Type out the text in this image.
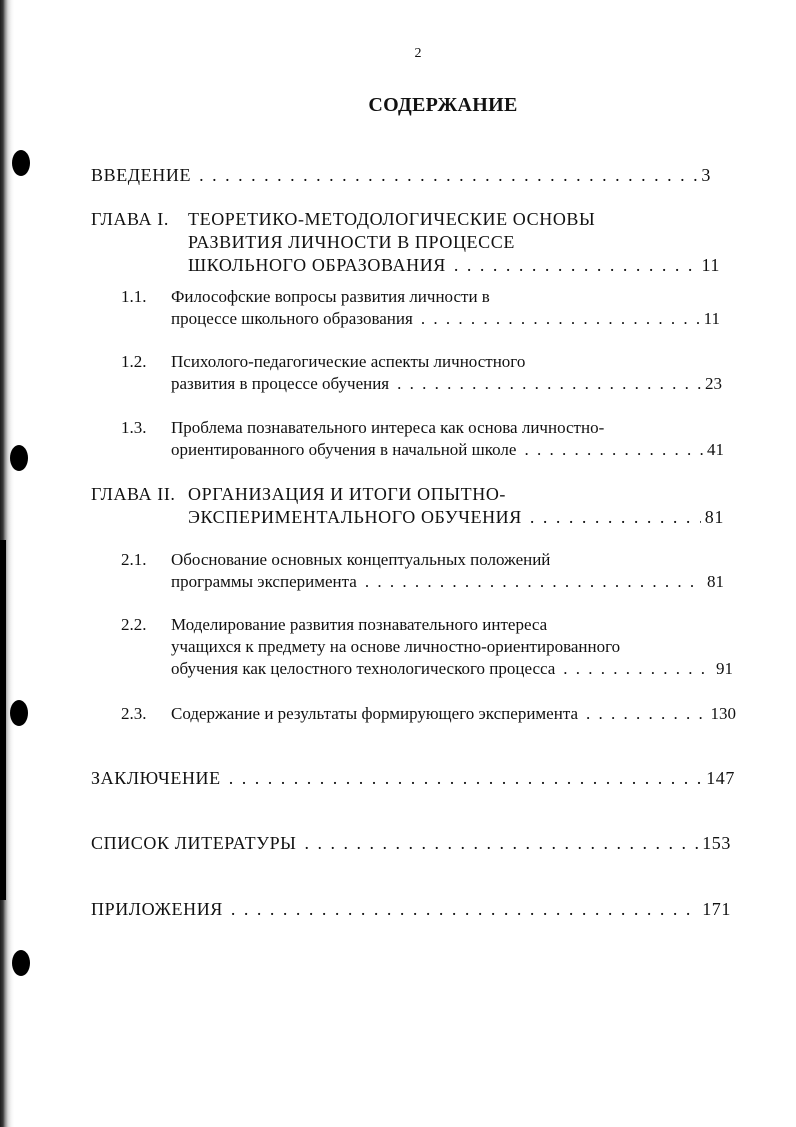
2
СОДЕРЖАНИЕ
ВВЕДЕНИЕ . . .	3
ГЛАВА I. ТЕОРЕТИКО-МЕТОДОЛОГИЧЕСКИЕ ОСНОВЫ
РАЗВИТИЯ ЛИЧНОСТИ В ПРОЦЕССЕ
ШКОЛЬНОГО ОБРАЗОВАНИЯ . . .	11
1.1. Философские вопросы развития личности в
процессе школьного образования . . .	11
1.2. Психолого-педагогические аспекты личностного
развития в процессе обучения . . .	23
1.3. Проблема познавательного интереса как основа личностно-
ориентированного обучения в начальной школе . . .	41
ГЛАВА II. ОРГАНИЗАЦИЯ И ИТОГИ ОПЫТНО-
ЭКСПЕРИМЕНТАЛЬНОГО ОБУЧЕНИЯ . . .	81
2.1. Обоснование основных концептуальных положений
программы эксперимента . . .	81
2.2. Моделирование развития познавательного интереса
учащихся к предмету на основе личностно-ориентированного
обучения как целостного технологического процесса . . .	91
2.3. Содержание и результаты формирующего эксперимента . . .	130
ЗАКЛЮЧЕНИЕ . . .	147
СПИСОК ЛИТЕРАТУРЫ . . .	153
ПРИЛОЖЕНИЯ . . .	171
